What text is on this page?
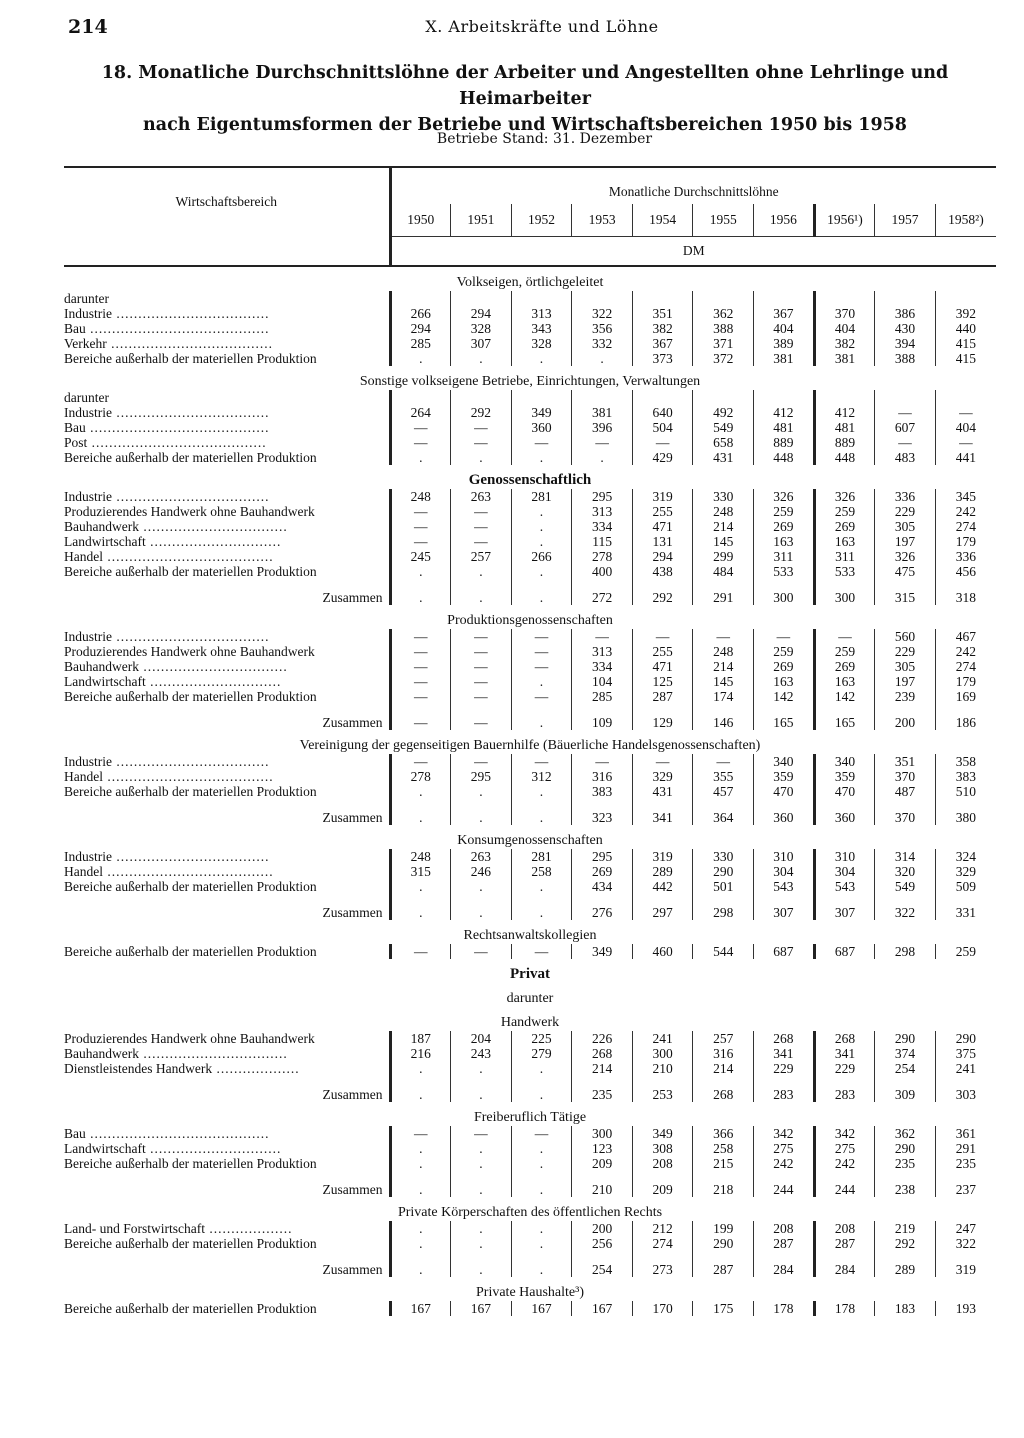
214	X. Arbeitskräfte und Löhne
18. Monatliche Durchschnittslöhne der Arbeiter und Angestellten ohne Lehrlinge und Heimarbeiter
nach Eigentumsformen der Betriebe und Wirtschaftsbereichen 1950 bis 1958
Betriebe Stand: 31. Dezember
Wirtschaftsbereich	Monatliche Durchschnittslöhne									
	1950	1951	1952	1953	1954	1955	1956	1956¹)	1957	1958²)
	DM									
Volkseigen, örtlichgeleitet										
darunter										
Industrie ...................................	266	294	313	322	351	362	367	370	386	392
Bau .........................................	294	328	343	356	382	388	404	404	430	440
Verkehr .....................................	285	307	328	332	367	371	389	382	394	415
Bereiche außerhalb der materiellen Produktion	.	.	.	.	373	372	381	381	388	415
Sonstige volkseigene Betriebe, Einrichtungen, Verwaltungen										
darunter										
Industrie ...................................	264	292	349	381	640	492	412	412	—	—
Bau .........................................	—	—	360	396	504	549	481	481	607	404
Post ........................................	—	—	—	—	—	658	889	889	—	—
Bereiche außerhalb der materiellen Produktion	.	.	.	.	429	431	448	448	483	441
Genossenschaftlich										
Industrie ...................................	248	263	281	295	319	330	326	326	336	345
Produzierendes Handwerk ohne Bauhandwerk	—	—	.	313	255	248	259	259	229	242
Bauhandwerk .................................	—	—	.	334	471	214	269	269	305	274
Landwirtschaft ..............................	—	—	.	115	131	145	163	163	197	179
Handel ......................................	245	257	266	278	294	299	311	311	326	336
Bereiche außerhalb der materiellen Produktion	.	.	.	400	438	484	533	533	475	456
Zusammen	.	.	.	272	292	291	300	300	315	318
Produktionsgenossenschaften										
Industrie ...................................	—	—	—	—	—	—	—	—	560	467
Produzierendes Handwerk ohne Bauhandwerk	—	—	—	313	255	248	259	259	229	242
Bauhandwerk .................................	—	—	—	334	471	214	269	269	305	274
Landwirtschaft ..............................	—	—	.	104	125	145	163	163	197	179
Bereiche außerhalb der materiellen Produktion	—	—	—	285	287	174	142	142	239	169
Zusammen	—	—	.	109	129	146	165	165	200	186
Vereinigung der gegenseitigen Bauernhilfe (Bäuerliche Handelsgenossenschaften)										
Industrie ...................................	—	—	—	—	—	—	340	340	351	358
Handel ......................................	278	295	312	316	329	355	359	359	370	383
Bereiche außerhalb der materiellen Produktion	.	.	.	383	431	457	470	470	487	510
Zusammen	.	.	.	323	341	364	360	360	370	380
Konsumgenossenschaften										
Industrie ...................................	248	263	281	295	319	330	310	310	314	324
Handel ......................................	315	246	258	269	289	290	304	304	320	329
Bereiche außerhalb der materiellen Produktion	.	.	.	434	442	501	543	543	549	509
Zusammen	.	.	.	276	297	298	307	307	322	331
Rechtsanwaltskollegien										
Bereiche außerhalb der materiellen Produktion	—	—	—	349	460	544	687	687	298	259
Privat										
darunter										
Handwerk										
Produzierendes Handwerk ohne Bauhandwerk	187	204	225	226	241	257	268	268	290	290
Bauhandwerk .................................	216	243	279	268	300	316	341	341	374	375
Dienstleistendes Handwerk ...................	.	.	.	214	210	214	229	229	254	241
Zusammen	.	.	.	235	253	268	283	283	309	303
Freiberuflich Tätige										
Bau .........................................	—	—	—	300	349	366	342	342	362	361
Landwirtschaft ..............................	.	.	.	123	308	258	275	275	290	291
Bereiche außerhalb der materiellen Produktion	.	.	.	209	208	215	242	242	235	235
Zusammen	.	.	.	210	209	218	244	244	238	237
Private Körperschaften des öffentlichen Rechts										
Land- und Forstwirtschaft ...................	.	.	.	200	212	199	208	208	219	247
Bereiche außerhalb der materiellen Produktion	.	.	.	256	274	290	287	287	292	322
Zusammen	.	.	.	254	273	287	284	284	289	319
Private Haushalte³)										
Bereiche außerhalb der materiellen Produktion	167	167	167	167	170	175	178	178	183	193
